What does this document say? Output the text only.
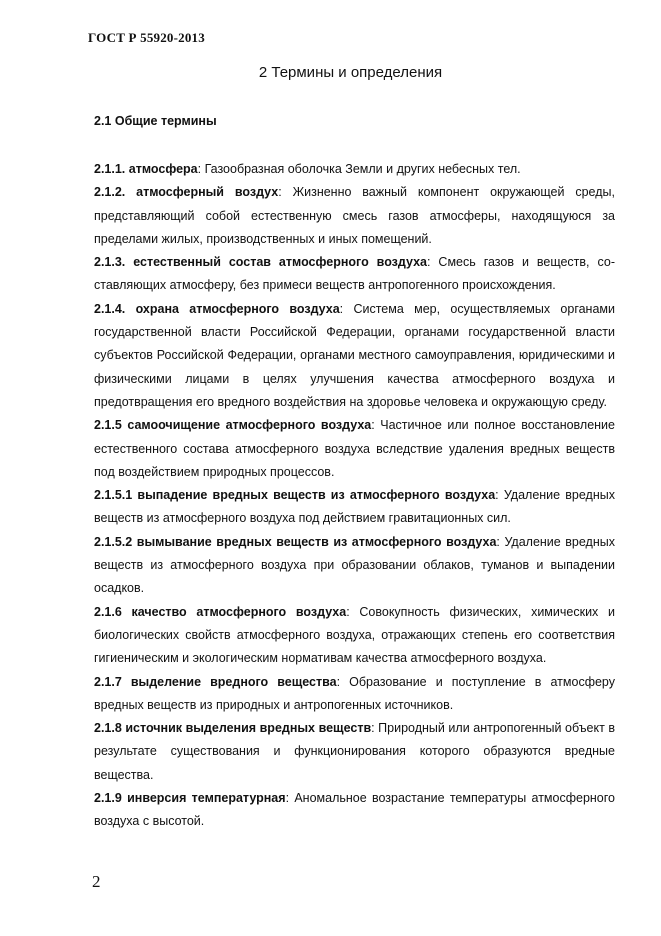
ГОСТ Р 55920-2013
2 Термины и определения
2.1 Общие термины

2.1.1. атмосфера: Газообразная оболочка Земли и других небесных тел.

2.1.2. атмосферный воздух: Жизненно важный компонент окружающей среды, представляющий собой естественную смесь газов атмосферы, находящуюся за пределами жилых, производственных и иных помещений.

2.1.3. естественный состав атмосферного воздуха: Смесь газов и веществ, составляющих атмосферу, без примеси веществ антропогенного происхождения.

2.1.4. охрана атмосферного воздуха: Система мер, осуществляемых органами государственной власти Российской Федерации, органами государственной власти субъектов Российской Федерации, органами местного самоуправления, юридическими и физическими лицами в целях улучшения качества атмосферного воздуха и предотвращения его вредного воздействия на здоровье человека и окружающую среду.

2.1.5 самоочищение атмосферного воздуха: Частичное или полное восстановление естественного состава атмосферного воздуха вследствие удаления вредных веществ под воздействием природных процессов.

2.1.5.1 выпадение вредных веществ из атмосферного воздуха: Удаление вредных веществ из атмосферного воздуха под действием гравитационных сил.

2.1.5.2 вымывание вредных веществ из атмосферного воздуха: Удаление вредных веществ из атмосферного воздуха при образовании облаков, туманов и выпадении осадков.

2.1.6 качество атмосферного воздуха: Совокупность физических, химических и биологических свойств атмосферного воздуха, отражающих степень его соответствия гигиеническим и экологическим нормативам качества атмосферного воздуха.

2.1.7 выделение вредного вещества: Образование и поступление в атмосферу вредных веществ из природных и антропогенных источников.

2.1.8 источник выделения вредных веществ: Природный или антропогенный объект в результате существования и функционирования которого образуются вредные вещества.

2.1.9 инверсия температурная: Аномальное возрастание температуры атмосферного воздуха с высотой.

2
